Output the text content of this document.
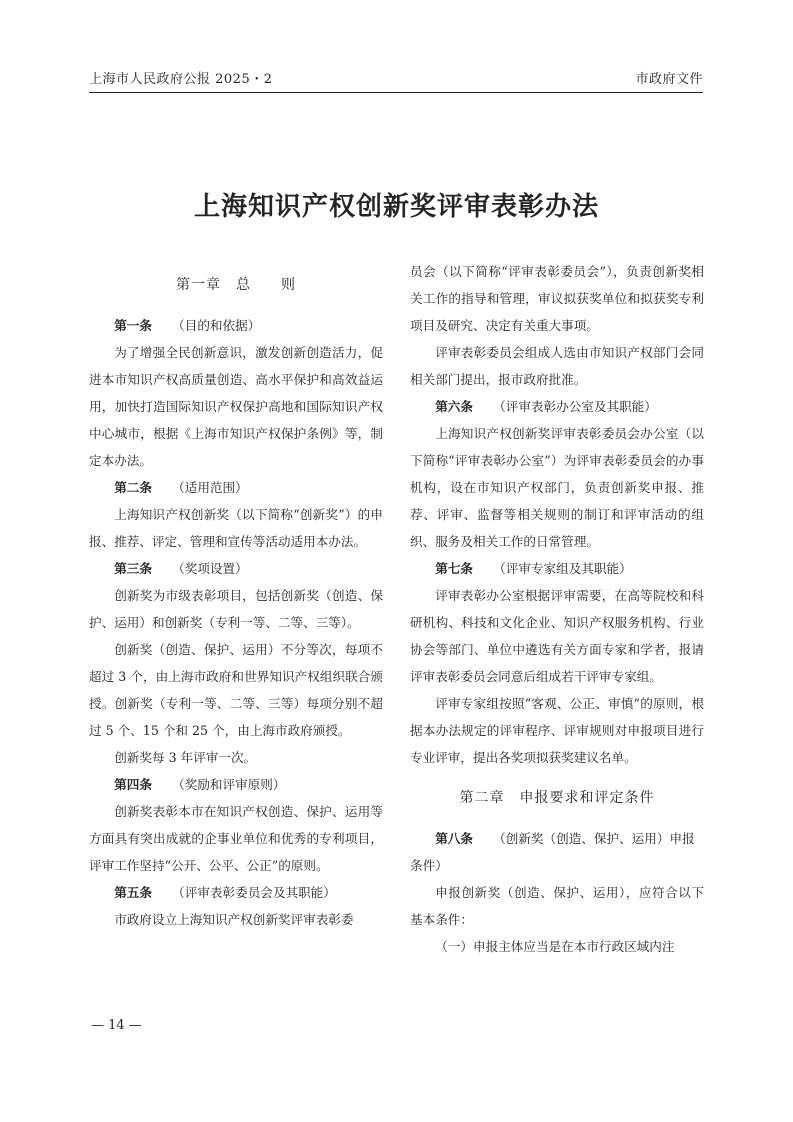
上海市人民政府公报 2025・2	市政府文件
上海知识产权创新奖评审表彰办法

第一章　总　　则

第一条 （目的和依据）

为了增强全民创新意识，激发创新创造活力，促进本市知识产权高质量创造、高水平保护和高效益运用，加快打造国际知识产权保护高地和国际知识产权中心城市，根据《上海市知识产权保护条例》等，制定本办法。

第二条 （适用范围）

上海知识产权创新奖（以下简称“创新奖”）的申报、推荐、评定、管理和宣传等活动适用本办法。

第三条 （奖项设置）

创新奖为市级表彰项目，包括创新奖（创造、保护、运用）和创新奖（专利一等、二等、三等）。

创新奖（创造、保护、运用）不分等次，每项不超过 3 个，由上海市政府和世界知识产权组织联合颁授。创新奖（专利一等、二等、三等）每项分别不超过 5 个、15 个和 25 个，由上海市政府颁授。

创新奖每 3 年评审一次。

第四条 （奖励和评审原则）

创新奖表彰本市在知识产权创造、保护、运用等方面具有突出成就的企事业单位和优秀的专利项目，评审工作坚持“公开、公平、公正”的原则。

第五条 （评审表彰委员会及其职能）

市政府设立上海知识产权创新奖评审表彰委

员会（以下简称“评审表彰委员会”），负责创新奖相关工作的指导和管理，审议拟获奖单位和拟获奖专利项目及研究、决定有关重大事项。

评审表彰委员会组成人选由市知识产权部门会同相关部门提出，报市政府批准。

第六条 （评审表彰办公室及其职能）

上海知识产权创新奖评审表彰委员会办公室（以下简称“评审表彰办公室”）为评审表彰委员会的办事机构，设在市知识产权部门，负责创新奖申报、推荐、评审、监督等相关规则的制订和评审活动的组织、服务及相关工作的日常管理。

第七条 （评审专家组及其职能）

评审表彰办公室根据评审需要，在高等院校和科研机构、科技和文化企业、知识产权服务机构、行业协会等部门、单位中遴选有关方面专家和学者，报请评审表彰委员会同意后组成若干评审专家组。

评审专家组按照“客观、公正、审慎”的原则，根据本办法规定的评审程序、评审规则对申报项目进行专业评审，提出各奖项拟获奖建议名单。

第二章　申报要求和评定条件

第八条 （创新奖（创造、保护、运用）申报条件）

申报创新奖（创造、保护、运用），应符合以下基本条件：

（一）申报主体应当是在本市行政区域内注

— 14 —
